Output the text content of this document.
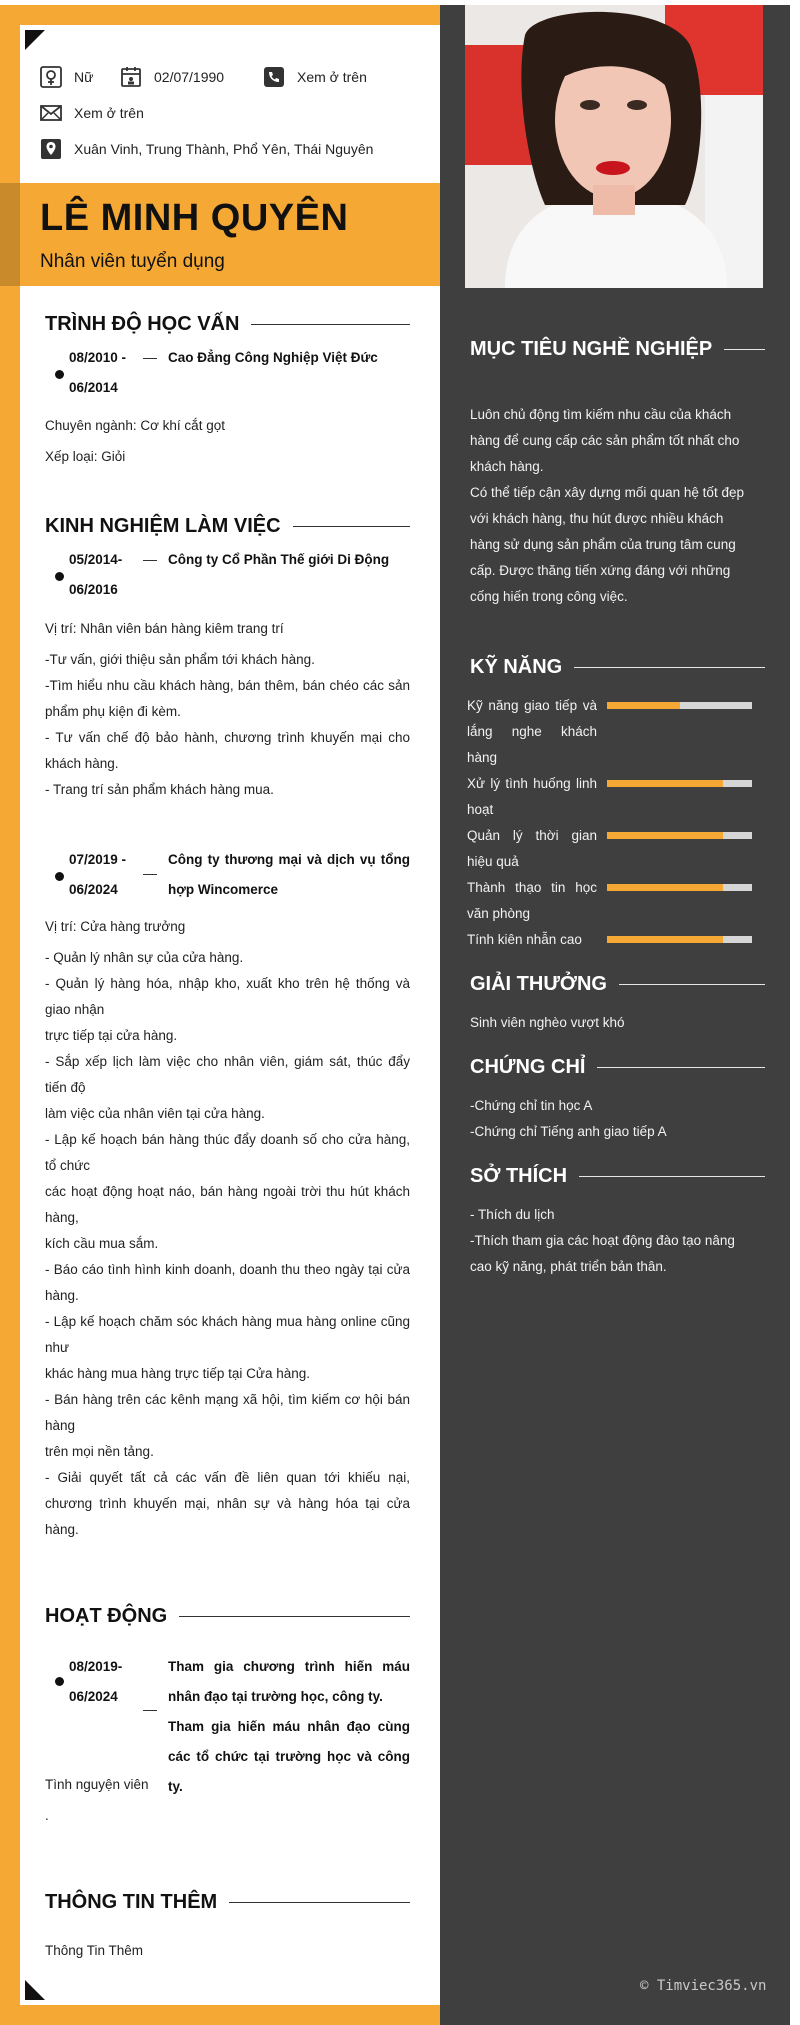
Nữ	02/07/1990	Xem ở trên
Xem ở trên
Xuân Vinh, Trung Thành, Phổ Yên, Thái Nguyên
LÊ MINH QUYÊN
Nhân viên tuyển dụng
TRÌNH ĐỘ HỌC VẤN
08/2010 - 06/2014
Cao Đẳng Công Nghiệp Việt Đức
Chuyên ngành: Cơ khí cắt gọt
Xếp loại: Giỏi
KINH NGHIỆM LÀM VIỆC
05/2014- 06/2016
Công ty Cổ Phần Thế giới Di Động
Vị trí: Nhân viên bán hàng kiêm trang trí
-Tư vấn, giới thiệu sản phẩm tới khách hàng.
-Tìm hiểu nhu cầu khách hàng, bán thêm, bán chéo các sản phẩm phụ kiện đi kèm.
- Tư vấn chế độ bảo hành, chương trình khuyến mại cho khách hàng.
- Trang trí sản phẩm khách hàng mua.
07/2019 - 06/2024
Công ty thương mại và dịch vụ tổng hợp Wincomerce
Vị trí: Cửa hàng trưởng
- Quản lý nhân sự của cửa hàng.
- Quản lý hàng hóa, nhập kho, xuất kho trên hệ thống và giao nhận
trực tiếp tại cửa hàng.
- Sắp xếp lịch làm việc cho nhân viên, giám sát, thúc đẩy tiến độ
làm việc của nhân viên tại cửa hàng.
- Lập kế hoạch bán hàng thúc đẩy doanh số cho cửa hàng, tổ chức
các hoạt động hoạt náo, bán hàng ngoài trời thu hút khách hàng,
kích cầu mua sắm.
- Báo cáo tình hình kinh doanh, doanh thu theo ngày tại cửa hàng.
- Lập kế hoạch chăm sóc khách hàng mua hàng online cũng như
khác hàng mua hàng trực tiếp tại Cửa hàng.
- Bán hàng trên các kênh mạng xã hội, tìm kiếm cơ hội bán hàng
trên mọi nền tảng.
- Giải quyết tất cả các vấn đề liên quan tới khiếu nại, chương trình khuyến mại, nhân sự và hàng hóa tại cửa hàng.
HOẠT ĐỘNG
08/2019- 06/2024
Tham gia chương trình hiến máu nhân đạo tại trường học, công ty.
Tham gia hiến máu nhân đạo cùng các tổ chức tại trường học và công ty.
Tình nguyện viên
.
THÔNG TIN THÊM
Thông Tin Thêm
MỤC TIÊU NGHỀ NGHIỆP
Luôn chủ động tìm kiếm nhu cầu của khách hàng để cung cấp các sản phẩm tốt nhất cho khách hàng.
Có thể tiếp cận xây dựng mối quan hệ tốt đẹp với khách hàng, thu hút được nhiều khách hàng sử dụng sản phẩm của trung tâm cung cấp. Được thăng tiến xứng đáng với những cống hiến trong công việc.
KỸ NĂNG
Kỹ năng giao tiếp và lắng nghe khách hàng
Xử lý tình huống linh hoạt
Quản lý thời gian hiệu quả
Thành thạo tin học văn phòng
Tính kiên nhẫn cao
GIẢI THƯỞNG
Sinh viên nghèo vượt khó
CHỨNG CHỈ
-Chứng chỉ tin học A
-Chứng chỉ Tiếng anh giao tiếp A
SỞ THÍCH
- Thích du lịch
-Thích tham gia các hoạt động đào tạo nâng cao kỹ năng, phát triển bản thân.
© Timviec365.vn
